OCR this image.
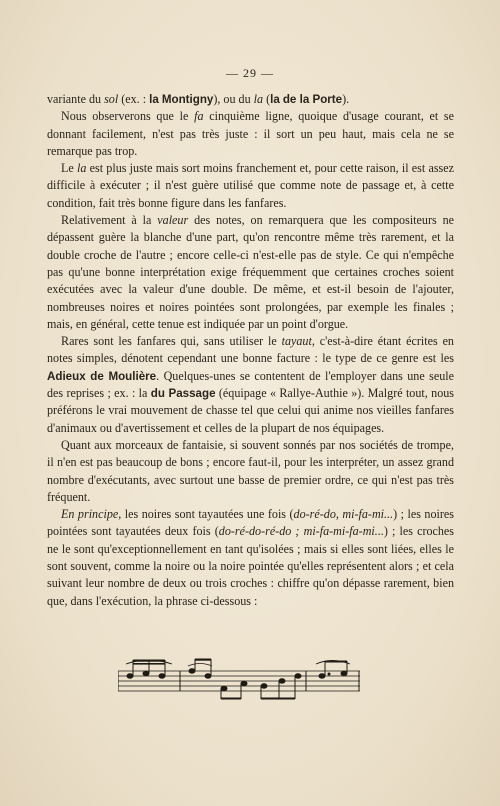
— 29 —

variante du sol (ex. : la Montigny), ou du la (la de la Porte).

Nous observerons que le fa cinquième ligne, quoique d'usage courant, et se donnant facilement, n'est pas très juste : il sort un peu haut, mais cela ne se remarque pas trop.

Le la est plus juste mais sort moins franchement et, pour cette raison, il est assez difficile à exécuter ; il n'est guère utilisé que comme note de passage et, à cette condition, fait très bonne figure dans les fanfares.

Relativement à la valeur des notes, on remarquera que les compositeurs ne dépassent guère la blanche d'une part, qu'on rencontre même très rarement, et la double croche de l'autre ; encore celle-ci n'est-elle pas de style. Ce qui n'empêche pas qu'une bonne interprétation exige fréquemment que certaines croches soient exécutées avec la valeur d'une double. De même, et est-il besoin de l'ajouter, nombreuses noires et noires pointées sont prolongées, par exemple les finales ; mais, en général, cette tenue est indiquée par un point d'orgue.

Rares sont les fanfares qui, sans utiliser le tayaut, c'est-à-dire étant écrites en notes simples, dénotent cependant une bonne facture : le type de ce genre est les Adieux de Moulière. Quelques-unes se contentent de l'employer dans une seule des reprises ; ex. : la du Passage (équipage « Rallye-Authie »). Malgré tout, nous préférons le vrai mouvement de chasse tel que celui qui anime nos vieilles fanfares d'animaux ou d'avertissement et celles de la plupart de nos équipages.

Quant aux morceaux de fantaisie, si souvent sonnés par nos sociétés de trompe, il n'en est pas beaucoup de bons ; encore faut-il, pour les interpréter, un assez grand nombre d'exécutants, avec surtout une basse de premier ordre, ce qui n'est pas très fréquent.

En principe, les noires sont tayautées une fois (do-ré-do, mi-fa-mi...) ; les noires pointées sont tayautées deux fois (do-ré-do-ré-do ; mi-fa-mi-fa-mi...) ; les croches ne le sont qu'exceptionnellement en tant qu'isolées ; mais si elles sont liées, elles le sont souvent, comme la noire ou la noire pointée qu'elles représentent alors ; et cela suivant leur nombre de deux ou trois croches : chiffre qu'on dépasse rarement, bien que, dans l'exécution, la phrase ci-dessous :
